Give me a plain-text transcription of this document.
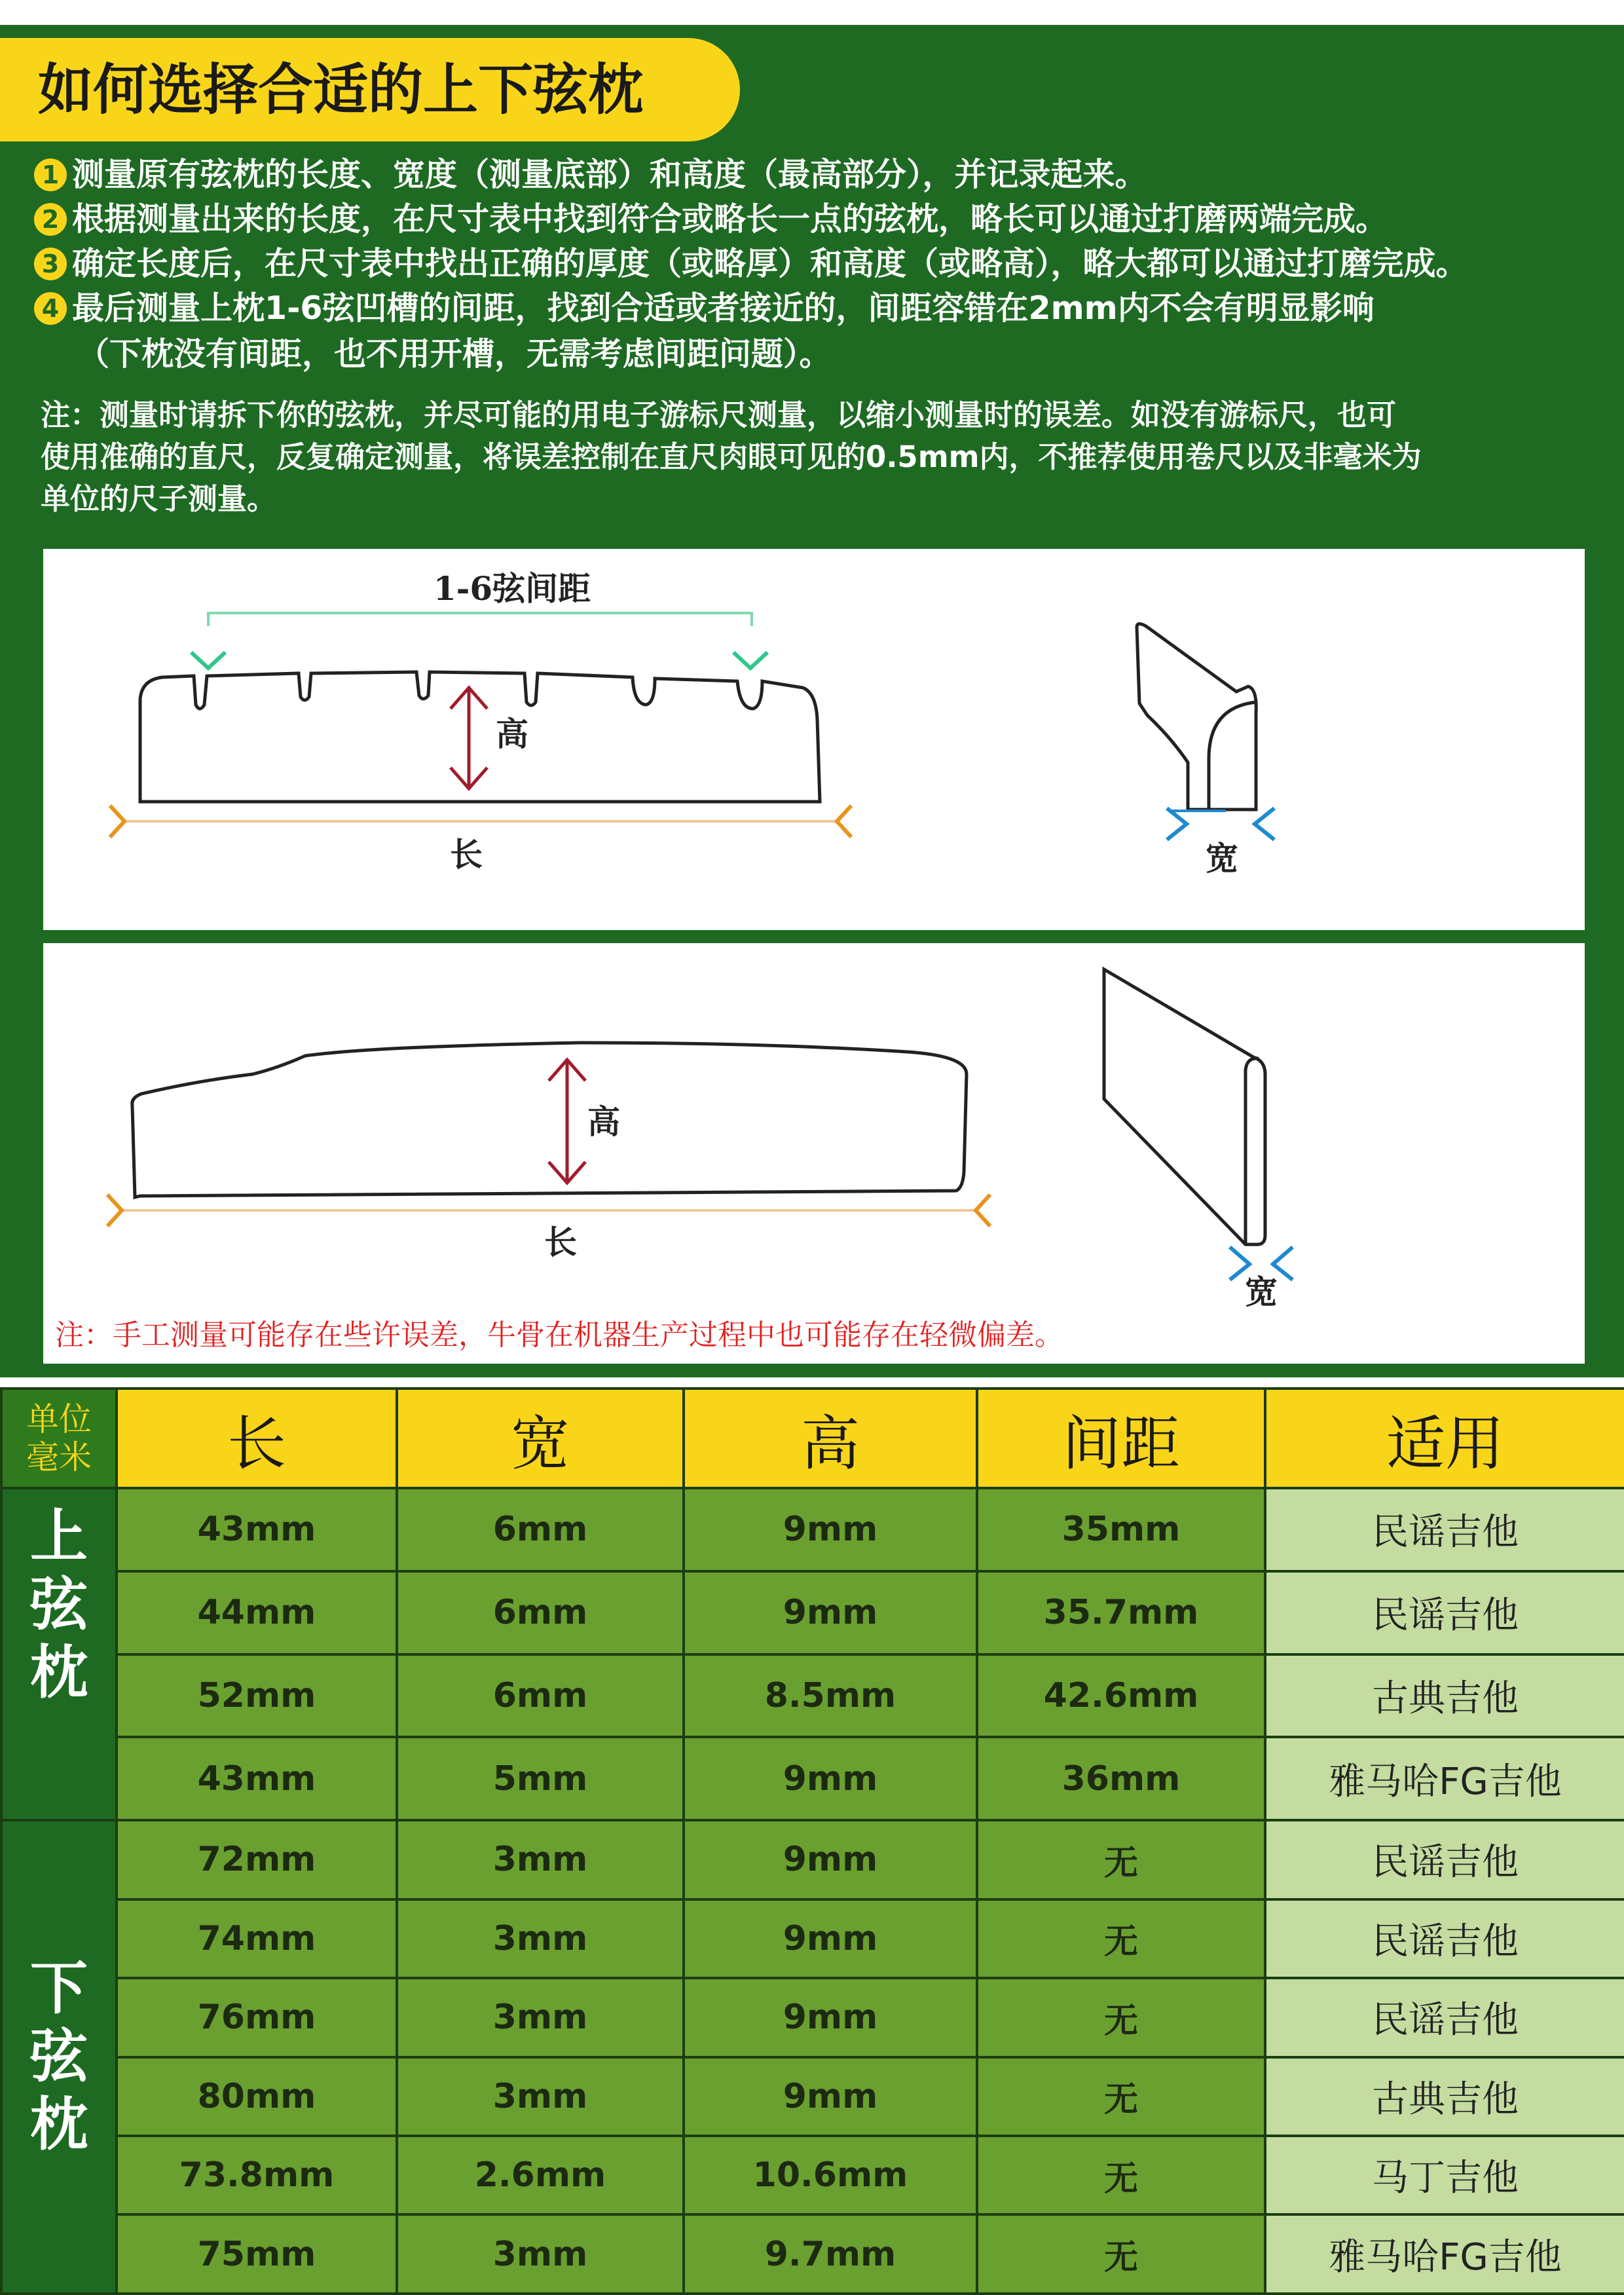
如何选择合适的上下弦枕
1 测量原有弦枕的长度、宽度（测量底部）和高度（最高部分），并记录起来。
2 根据测量出来的长度，在尺寸表中找到符合或略长一点的弦枕，略长可以通过打磨两端完成。
3 确定长度后，在尺寸表中找出正确的厚度（或略厚）和高度（或略高），略大都可以通过打磨完成。
4 最后测量上枕1-6弦凹槽的间距，找到合适或者接近的，间距容错在2mm内不会有明显影响
（下枕没有间距，也不用开槽，无需考虑间距问题）。
注：测量时请拆下你的弦枕，并尽可能的用电子游标尺测量，以缩小测量时的误差。如没有游标尺，也可
使用准确的直尺，反复确定测量，将误差控制在直尺肉眼可见的0.5mm内，不推荐使用卷尺以及非毫米为
单位的尺子测量。
1-6弦间距
高
长	宽
高
长
宽
注：手工测量可能存在些许误差，牛骨在机器生产过程中也可能存在轻微偏差。
单位
毫米	长	宽	高	间距	适用
上
弦
枕	43mm	6mm	9mm	35mm	民谣吉他
	44mm	6mm	9mm	35.7mm	民谣吉他
	52mm	6mm	8.5mm	42.6mm	古典吉他
	43mm	5mm	9mm	36mm	雅马哈FG吉他
下
弦
枕	72mm	3mm	9mm	无	民谣吉他
	74mm	3mm	9mm	无	民谣吉他
	76mm	3mm	9mm	无	民谣吉他
	80mm	3mm	9mm	无	古典吉他
	73.8mm	2.6mm	10.6mm	无	马丁吉他
	75mm	3mm	9.7mm	无	雅马哈FG吉他
